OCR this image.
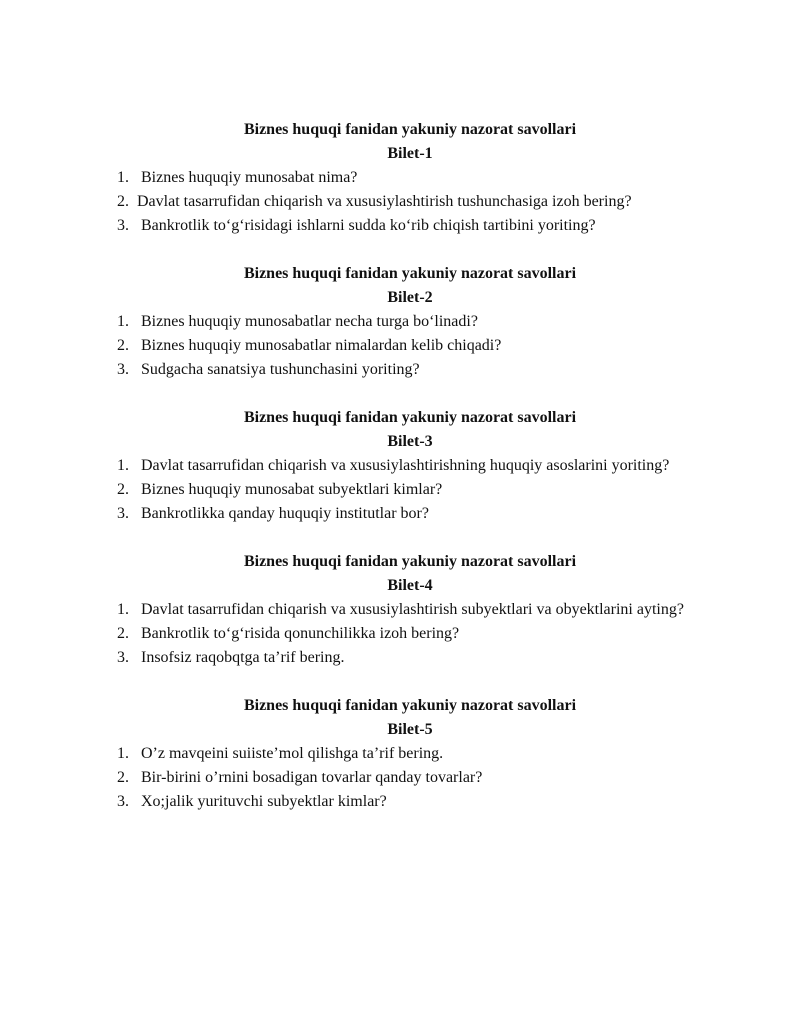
Biznes huquqi fanidan yakuniy nazorat savollari
Bilet-1
1. Biznes huquqiy munosabat nima?
2.  Davlat tasarrufidan chiqarish va xususiylashtirish tushunchasiga izoh bering?
3. Bankrotlik to‘g‘risidagi ishlarni sudda ko‘rib chiqish tartibini yoriting?
Biznes huquqi fanidan yakuniy nazorat savollari
Bilet-2
1. Biznes huquqiy munosabatlar necha turga bo‘linadi?
2. Biznes huquqiy munosabatlar nimalardan kelib chiqadi?
3. Sudgacha sanatsiya tushunchasini yoriting?
Biznes huquqi fanidan yakuniy nazorat savollari
Bilet-3
1. Davlat tasarrufidan chiqarish va xususiylashtirishning huquqiy asoslarini yoriting?
2. Biznes huquqiy munosabat subyektlari kimlar?
3. Bankrotlikka qanday huquqiy institutlar bor?
Biznes huquqi fanidan yakuniy nazorat savollari
Bilet-4
1. Davlat tasarrufidan chiqarish va xususiylashtirish subyektlari va obyektlarini ayting?
2. Bankrotlik to‘g‘risida qonunchilikka izoh bering?
3. Insofsiz raqobqtga ta’rif bering.
Biznes huquqi fanidan yakuniy nazorat savollari
Bilet-5
1. O’z mavqeini suiiste’mol qilishga ta’rif bering.
2. Bir-birini o’rnini bosadigan tovarlar qanday tovarlar?
3. Xo;jalik yurituvchi subyektlar kimlar?
